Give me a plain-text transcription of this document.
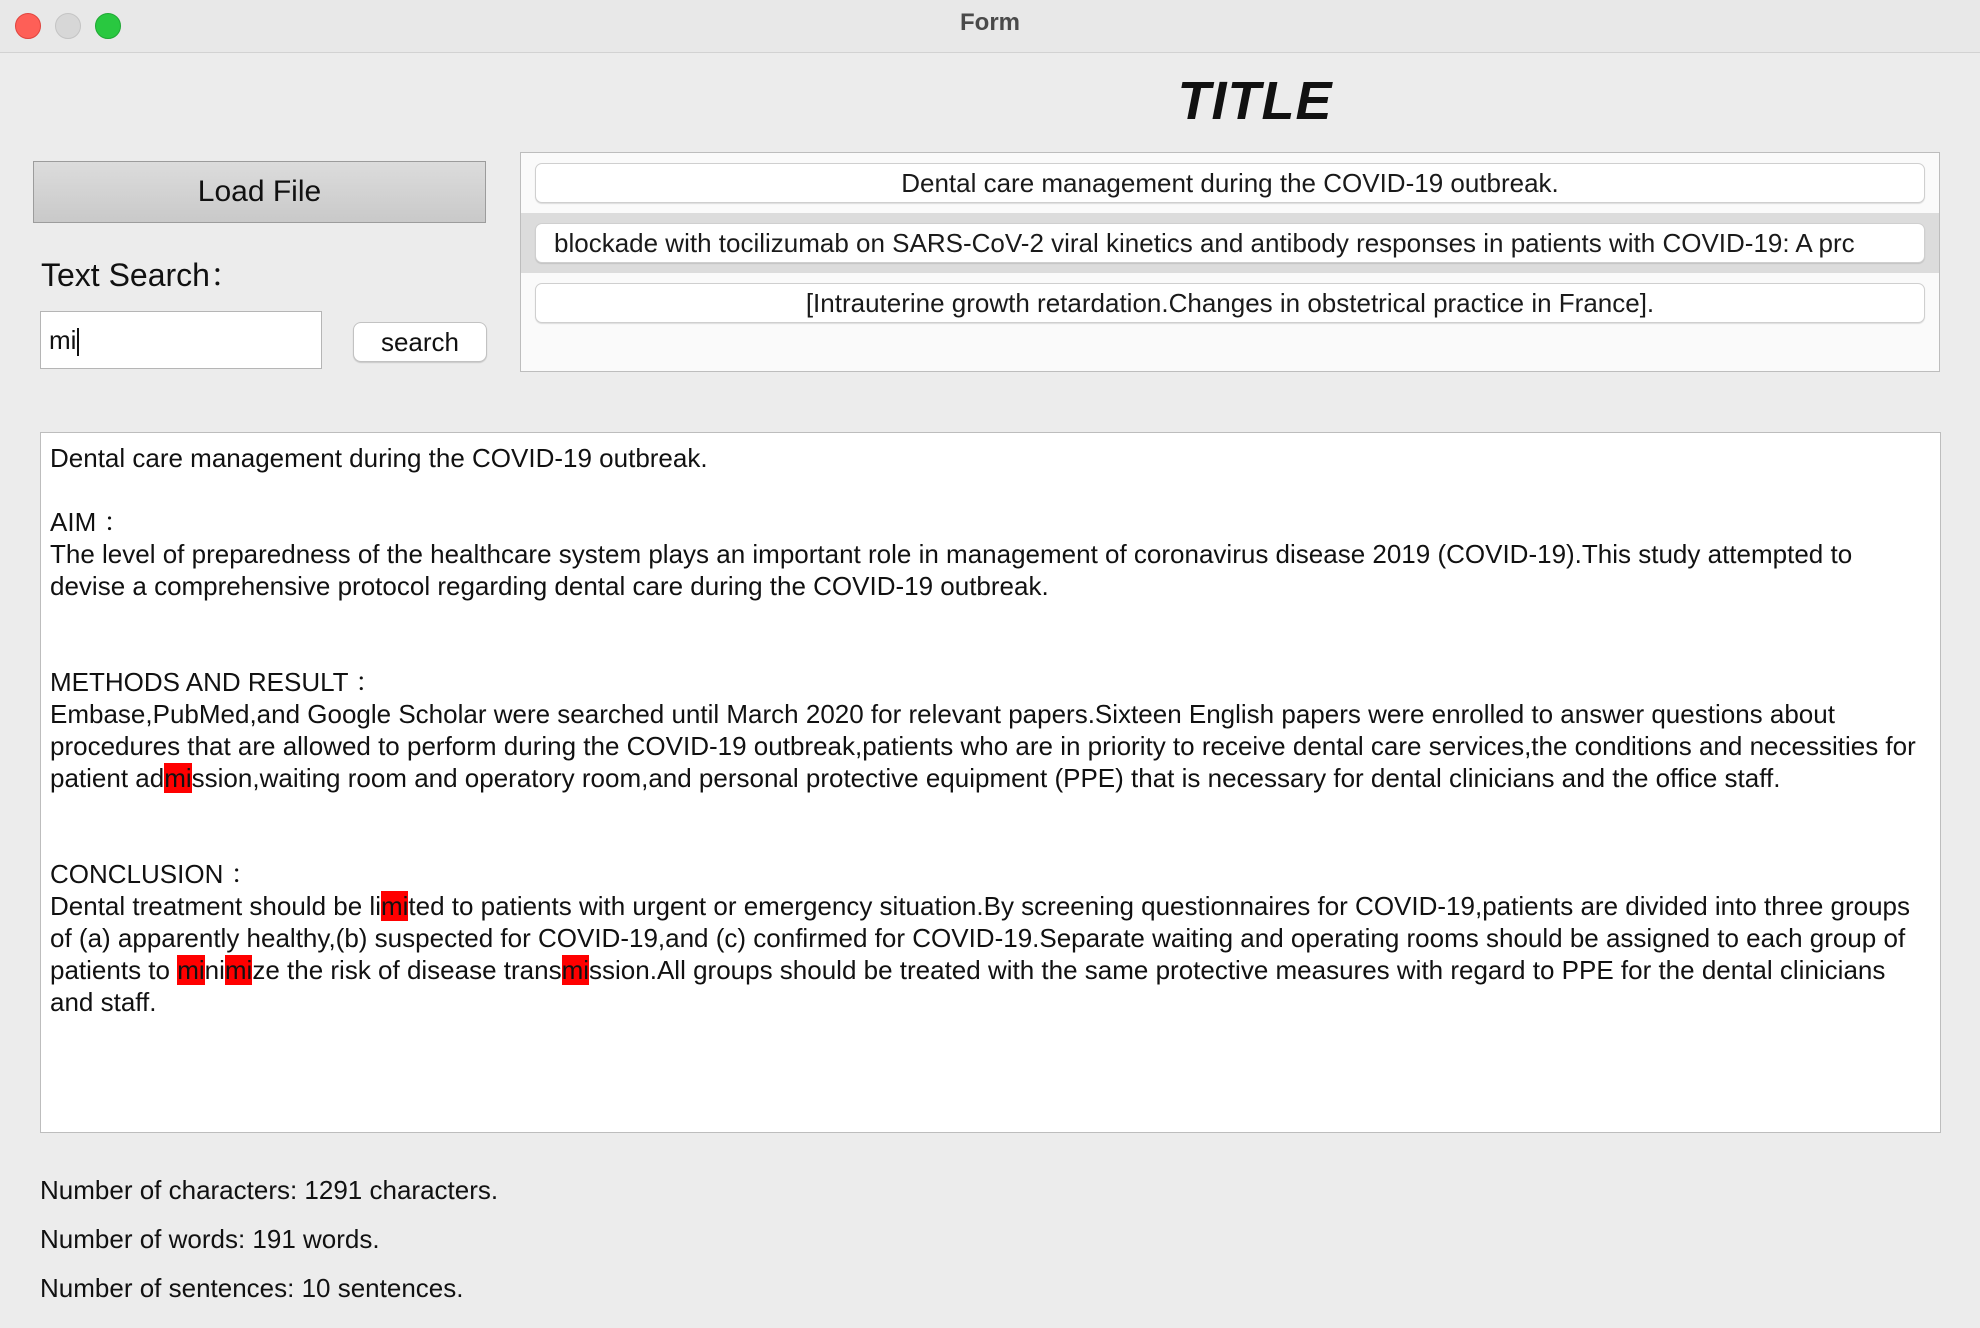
Form
TITLE
Load File
Text Search：
mi	search
Dental care management during the COVID-19 outbreak.
blockade with tocilizumab on SARS-CoV-2 viral kinetics and antibody responses in patients with COVID-19: A prc
[Intrauterine growth retardation.Changes in obstetrical practice in France].

Dental care management during the COVID-19 outbreak.

AIM ：

The level of preparedness of the healthcare system plays an important role in management of coronavirus disease 2019 (COVID-19).This study attempted to devise a comprehensive protocol regarding dental care during the COVID-19 outbreak.

METHODS AND RESULT ：

Embase,PubMed,and Google Scholar were searched until March 2020 for relevant papers.Sixteen English papers were enrolled to answer questions about procedures that are allowed to perform during the COVID-19 outbreak,patients who are in priority to receive dental care services,the conditions and necessities for patient admission,waiting room and operatory room,and personal protective equipment (PPE) that is necessary for dental clinicians and the office staff.

CONCLUSION ：

Dental treatment should be limited to patients with urgent or emergency situation.By screening questionnaires for COVID-19,patients are divided into three groups of (a) apparently healthy,(b) suspected for COVID-19,and (c) confirmed for COVID-19.Separate waiting and operating rooms should be assigned to each group of patients to minimize the risk of disease transmission.All groups should be treated with the same protective measures with regard to PPE for the dental clinicians and staff.

Number of characters: 1291 characters.
Number of words: 191 words.
Number of sentences: 10 sentences.
